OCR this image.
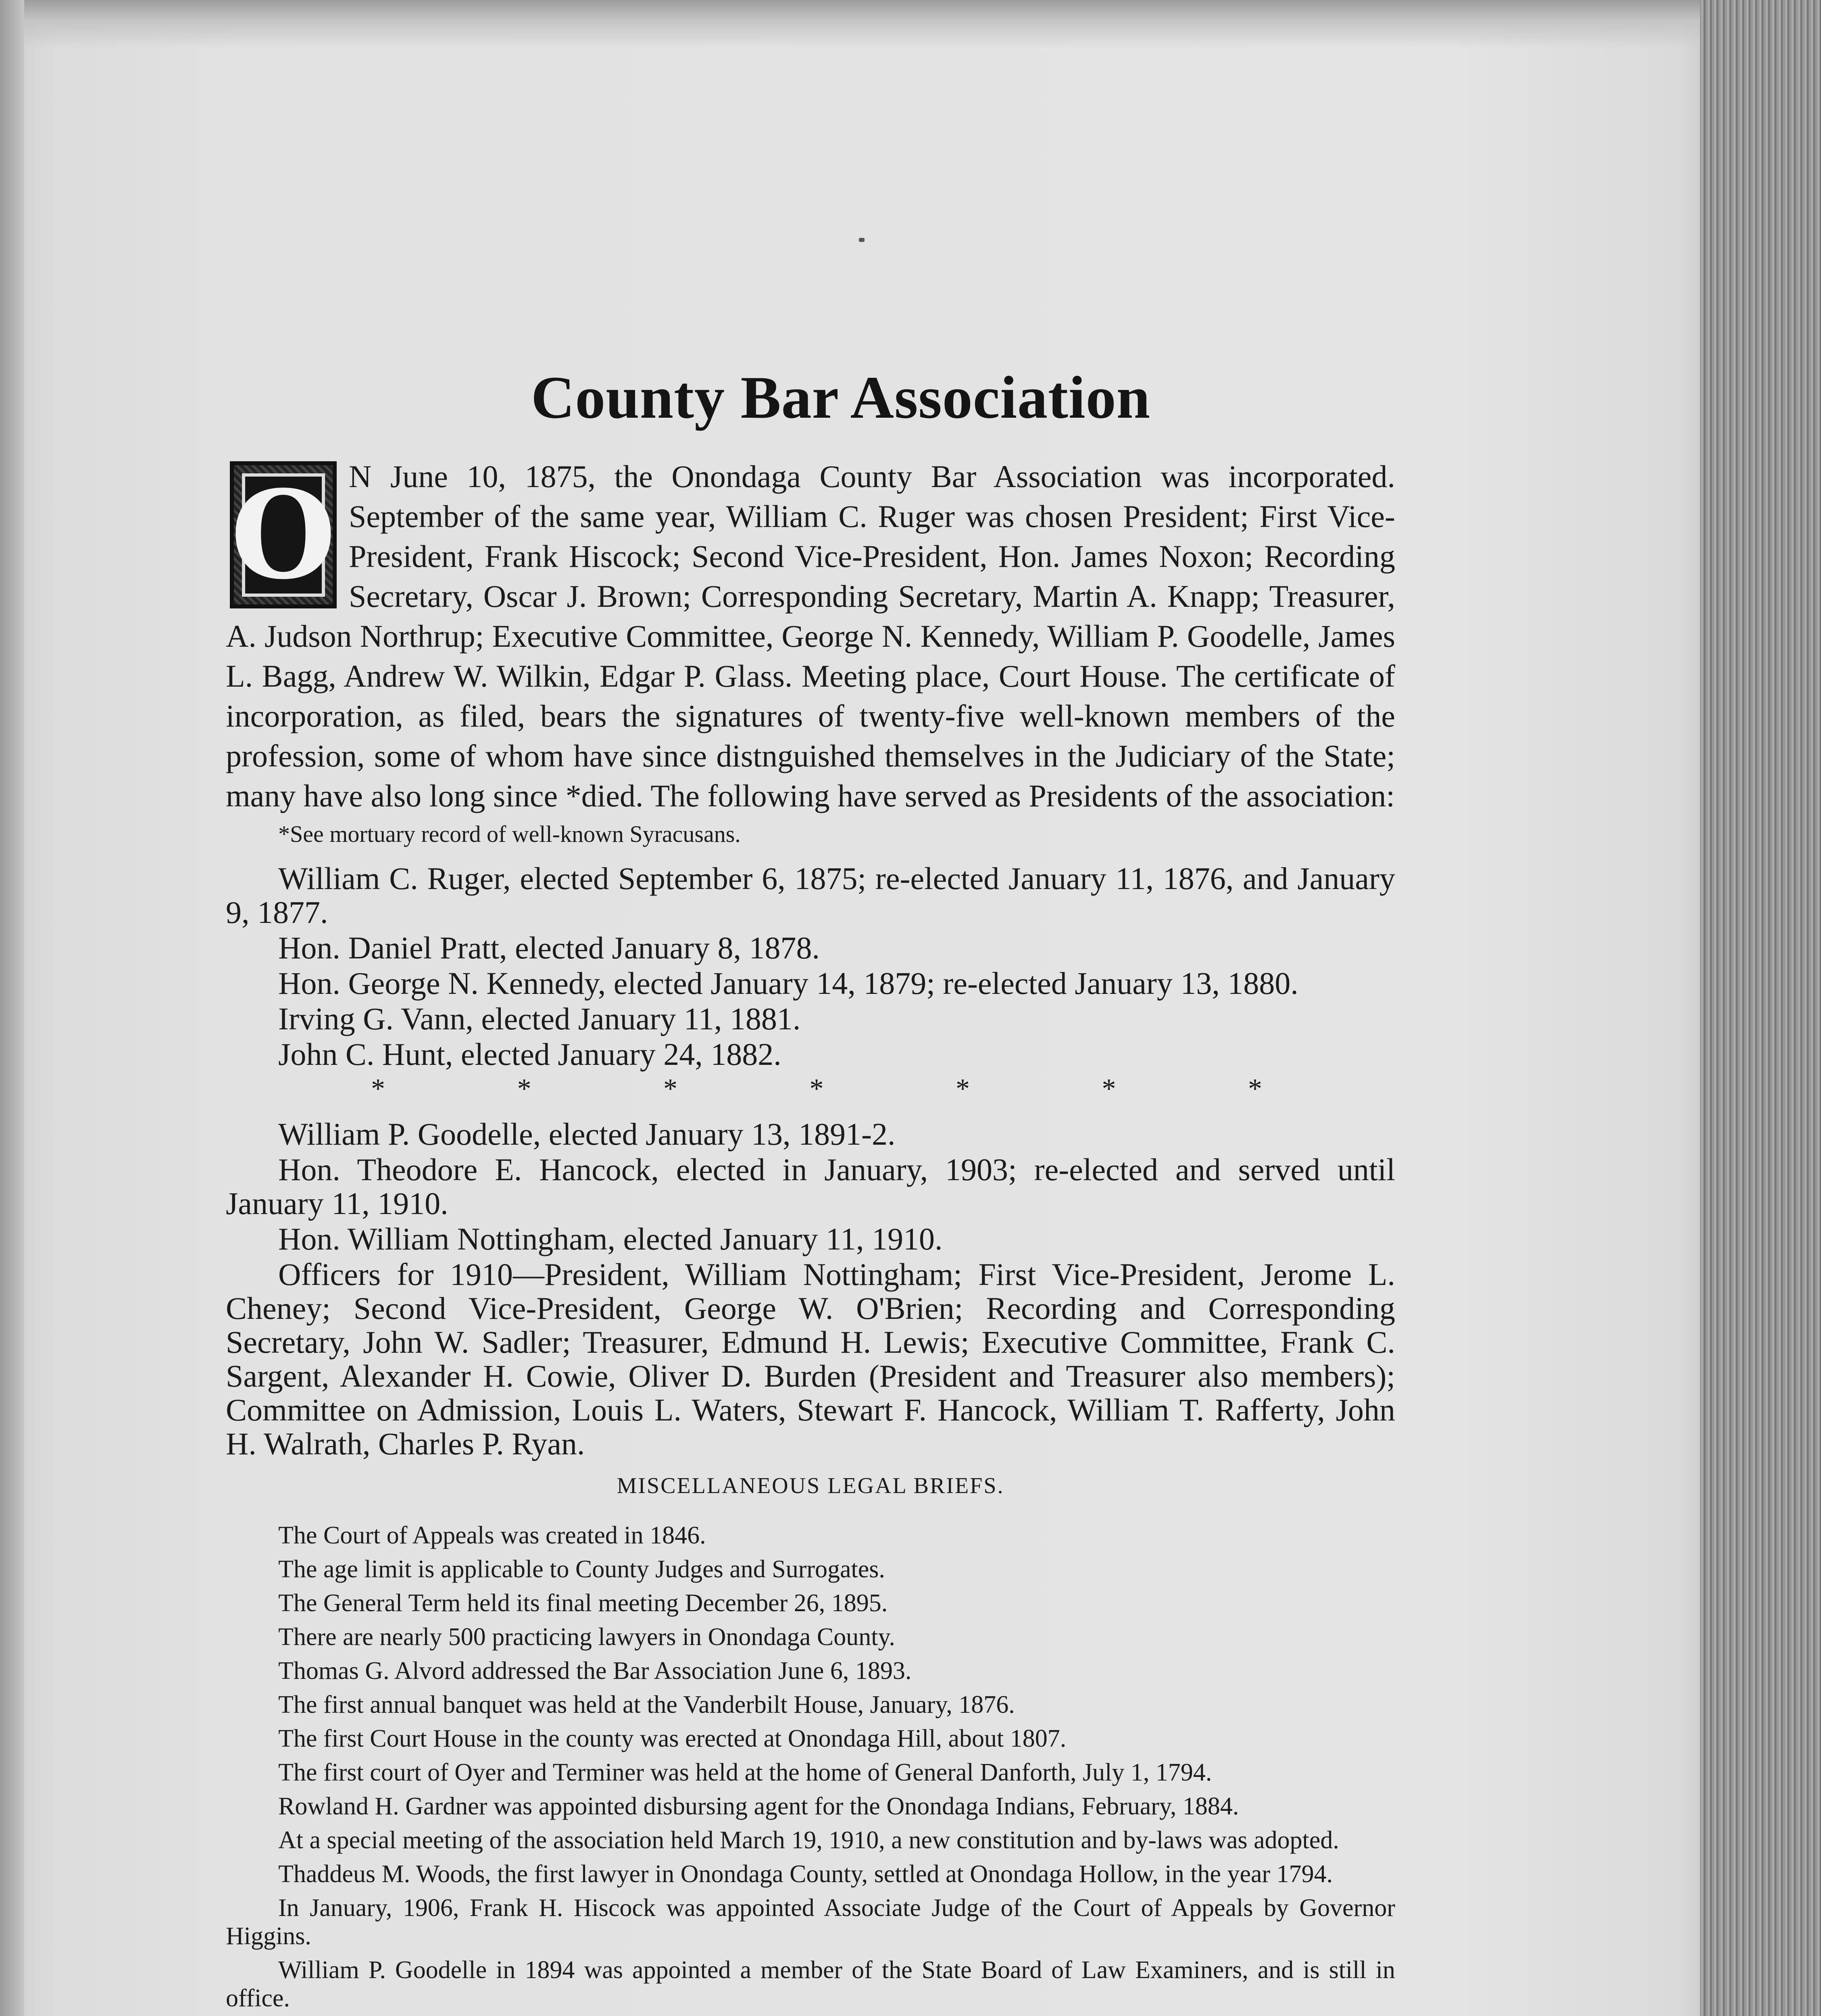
County Bar Association

O N June 10, 1875, the Onondaga County Bar Association was incorporated. September of the same year, William C. Ruger was chosen President; First Vice-President, Frank Hiscock; Second Vice-President, Hon. James Noxon; Recording Secretary, Oscar J. Brown; Corresponding Secretary, Martin A. Knapp; Treasurer, A. Judson Northrup; Executive Committee, George N. Kennedy, William P. Goodelle, James L. Bagg, Andrew W. Wilkin, Edgar P. Glass. Meeting place, Court House. The certificate of incorporation, as filed, bears the signatures of twenty-five well-known members of the profession, some of whom have since distnguished themselves in the Judiciary of the State; many have also long since *died. The following have served as Presidents of the association:

*See mortuary record of well-known Syracusans.

William C. Ruger, elected September 6, 1875; re-elected January 11, 1876, and January 9, 1877.

Hon. Daniel Pratt, elected January 8, 1878.

Hon. George N. Kennedy, elected January 14, 1879; re-elected January 13, 1880.

Irving G. Vann, elected January 11, 1881.

John C. Hunt, elected January 24, 1882.

*	*	*	*	*	*	*

William P. Goodelle, elected January 13, 1891-2.

Hon. Theodore E. Hancock, elected in January, 1903; re-elected and served until January 11, 1910.

Hon. William Nottingham, elected January 11, 1910.

Officers for 1910—President, William Nottingham; First Vice-President, Jerome L. Cheney; Second Vice-President, George W. O'Brien; Recording and Corresponding Secretary, John W. Sadler; Treasurer, Edmund H. Lewis; Executive Committee, Frank C. Sargent, Alexander H. Cowie, Oliver D. Burden (President and Treasurer also members); Committee on Admission, Louis L. Waters, Stewart F. Hancock, William T. Rafferty, John H. Walrath, Charles P. Ryan.

MISCELLANEOUS LEGAL BRIEFS.

The Court of Appeals was created in 1846.

The age limit is applicable to County Judges and Surrogates.

The General Term held its final meeting December 26, 1895.

There are nearly 500 practicing lawyers in Onondaga County.

Thomas G. Alvord addressed the Bar Association June 6, 1893.

The first annual banquet was held at the Vanderbilt House, January, 1876.

The first Court House in the county was erected at Onondaga Hill, about 1807.

The first court of Oyer and Terminer was held at the home of General Danforth, July 1, 1794.

Rowland H. Gardner was appointed disbursing agent for the Onondaga Indians, February, 1884.

At a special meeting of the association held March 19, 1910, a new constitution and by-laws was adopted.

Thaddeus M. Woods, the first lawyer in Onondaga County, settled at Onondaga Hollow, in the year 1794.

In January, 1906, Frank H. Hiscock was appointed Associate Judge of the Court of Appeals by Governor Higgins.

William P. Goodelle in 1894 was appointed a member of the State Board of Law Examiners, and is still in office.
